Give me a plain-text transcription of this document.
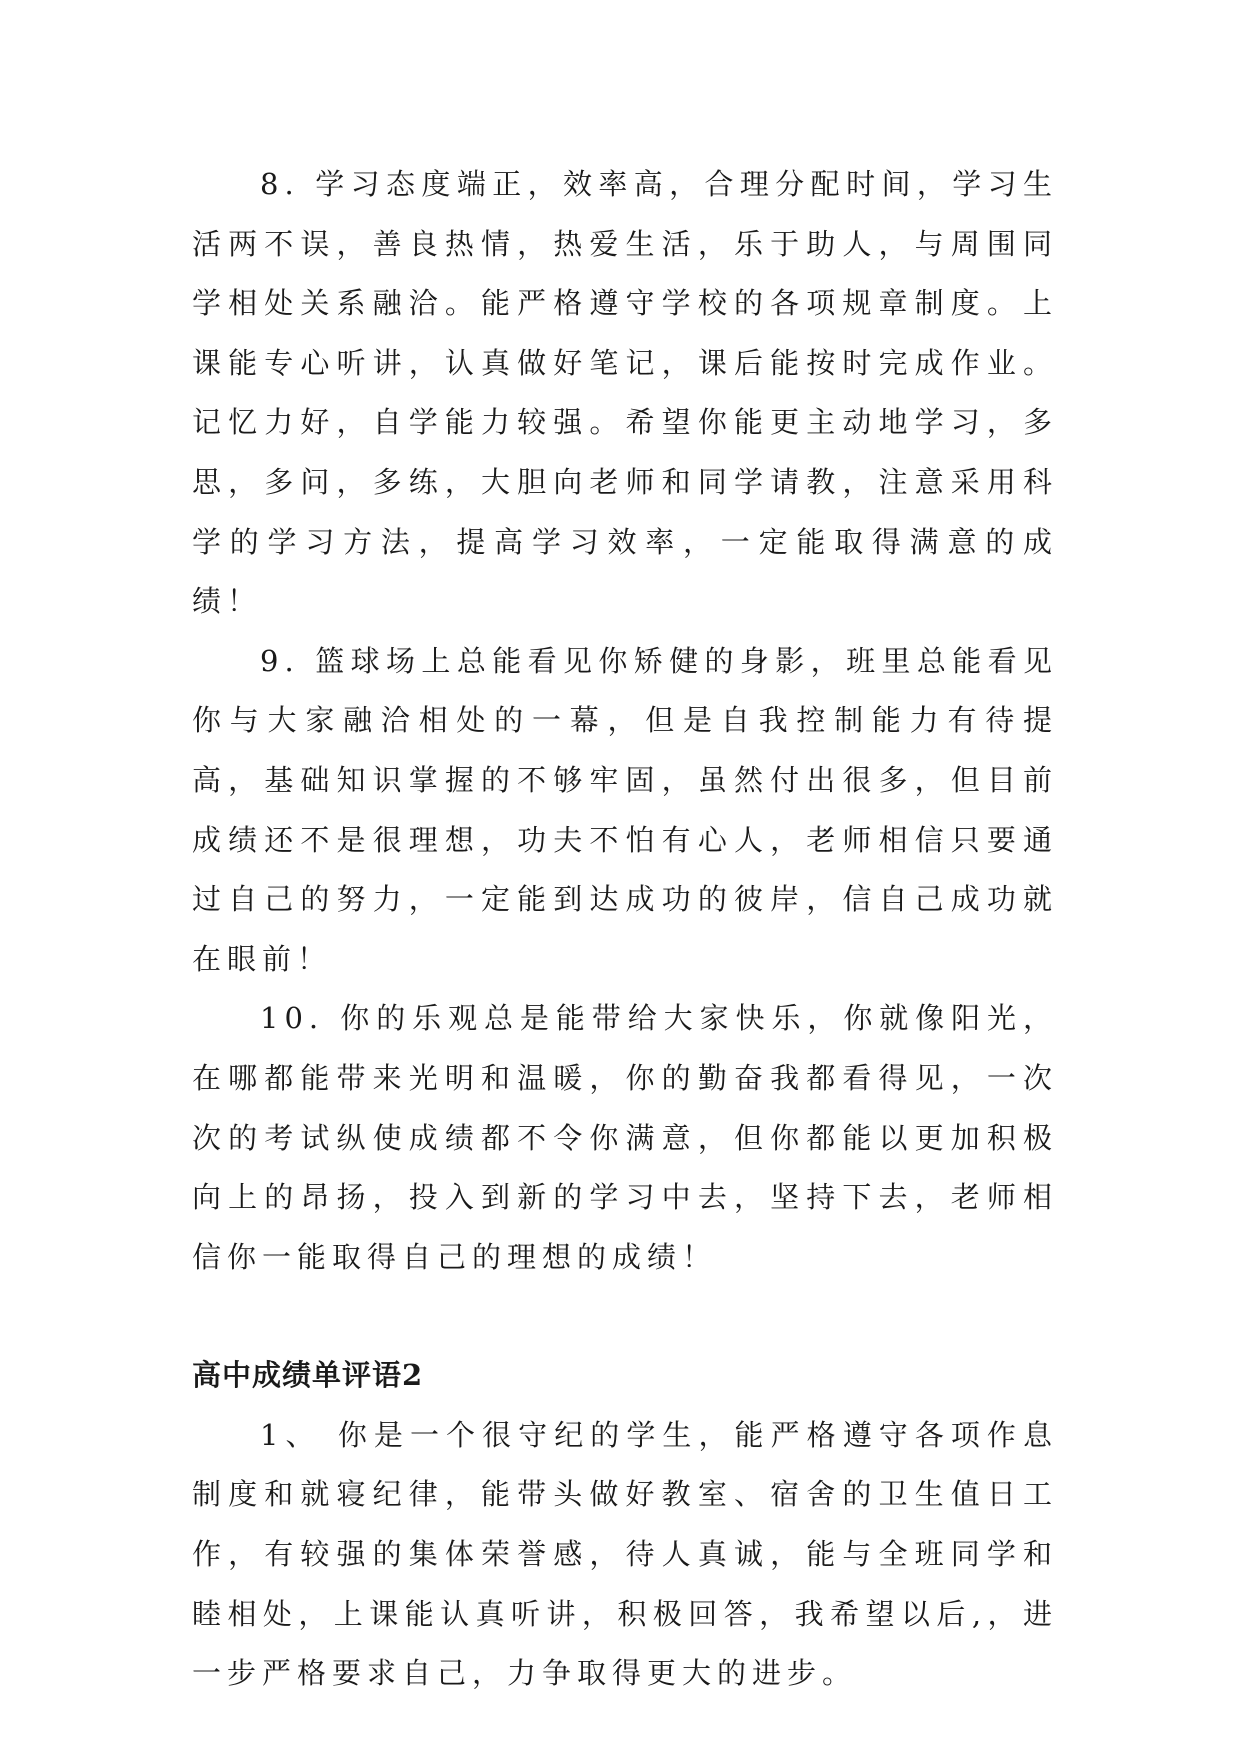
8. 学习态度端正，效率高，合理分配时间，学习生活两不误，善良热情，热爱生活，乐于助人，与周围同学相处关系融洽。能严格遵守学校的各项规章制度。上课能专心听讲，认真做好笔记，课后能按时完成作业。记忆力好，自学能力较强。希望你能更主动地学习，多思，多问，多练，大胆向老师和同学请教，注意采用科学的学习方法，提高学习效率，一定能取得满意的成绩！

9. 篮球场上总能看见你矫健的身影，班里总能看见你与大家融洽相处的一幕，但是自我控制能力有待提高，基础知识掌握的不够牢固，虽然付出很多，但目前成绩还不是很理想，功夫不怕有心人，老师相信只要通过自己的努力，一定能到达成功的彼岸，信自己成功就在眼前！

10. 你的乐观总是能带给大家快乐，你就像阳光，在哪都能带来光明和温暖，你的勤奋我都看得见，一次次的考试纵使成绩都不令你满意，但你都能以更加积极向上的昂扬，投入到新的学习中去，坚持下去，老师相信你一能取得自己的理想的成绩！

高中成绩单评语2

1、 你是一个很守纪的学生，能严格遵守各项作息制度和就寝纪律，能带头做好教室、宿舍的卫生值日工作，有较强的集体荣誉感，待人真诚，能与全班同学和睦相处，上课能认真听讲，积极回答，我希望以后,，进一步严格要求自己，力争取得更大的进步。
